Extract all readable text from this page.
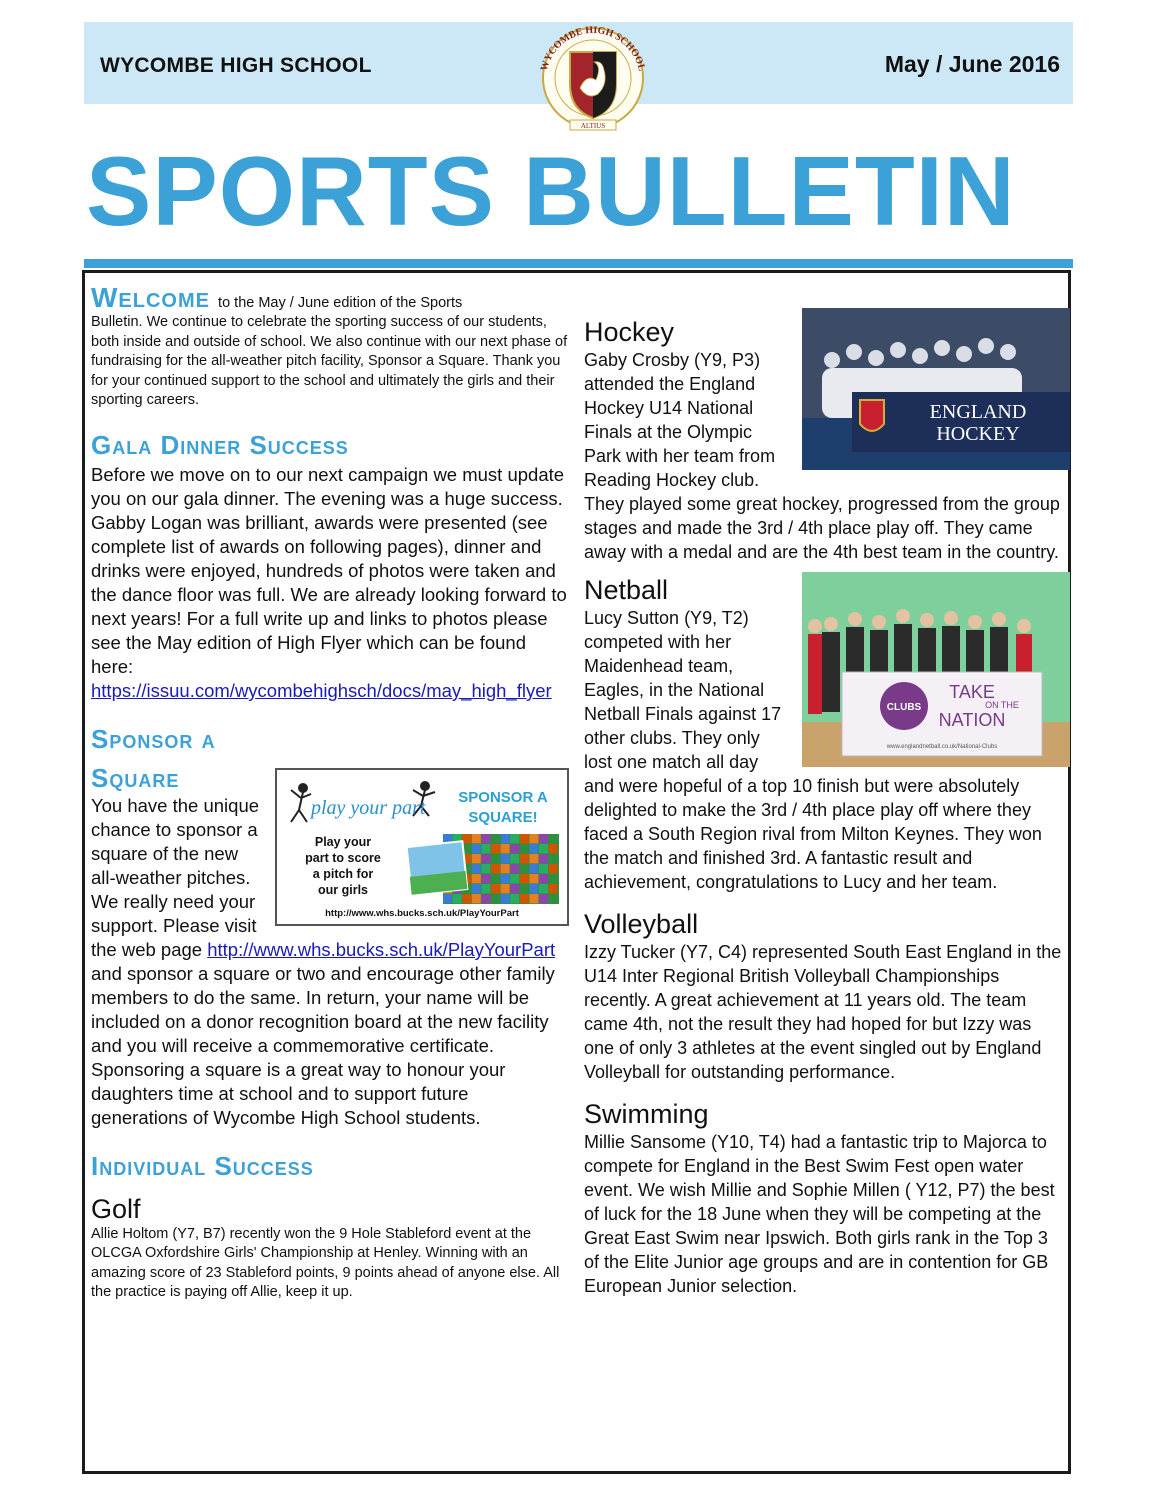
WYCOMBE HIGH SCHOOL	May / June 2016
WYCOMBE HIGH SCHOOL
ALTIUS
SPORTS BULLETIN
Welcome to the May / June edition of the Sports

Bulletin. We continue to celebrate the sporting success of our students, both inside and outside of school. We also continue with our next phase of fundraising for the all-weather pitch facility, Sponsor a Square. Thank you for your continued support to the school and ultimately the girls and their sporting careers.

Gala Dinner Success

Before we move on to our next campaign we must update you on our gala dinner. The evening was a huge success. Gabby Logan was brilliant, awards were presented (see complete list of awards on following pages), dinner and drinks were enjoyed, hundreds of photos were taken and the dance floor was full. We are already looking forward to next years! For a full write up and links to photos please see the May edition of High Flyer which can be found here: https://issuu.com/wycombehighsch/docs/may_high_flyer

Sponsor a
play your part SPONSOR A
SQUARE!
Play your
part to score
a pitch for
our girls
http://www.whs.bucks.sch.uk/PlayYourPart
Square

You have the unique chance to sponsor a square of the new all-weather pitches. We really need your support. Please visit the web page http://www.whs.bucks.sch.uk/PlayYourPart and sponsor a square or two and encourage other family members to do the same. In return, your name will be included on a donor recognition board at the new facility and you will receive a commemorative certificate. Sponsoring a square is a great way to honour your daughters time at school and to support future generations of Wycombe High School students.

Individual Success
Golf

Allie Holtom (Y7, B7) recently won the 9 Hole Stableford event at the OLCGA Oxfordshire Girls' Championship at Henley. Winning with an amazing score of 23 Stableford points, 9 points ahead of anyone else. All the practice is paying off Allie, keep it up.

ENGLAND
HOCKEY
Hockey

Gaby Crosby (Y9, P3) attended the England Hockey U14 National Finals at the Olympic Park with her team from Reading Hockey club. They played some great hockey, progressed from the group stages and made the 3rd / 4th place play off. They came away with a medal and are the 4th best team in the country.

CLUBS
TAKE
ON THE
NATION
www.englandnetball.co.uk/National-Clubs
Netball

Lucy Sutton (Y9, T2) competed with her Maidenhead team, Eagles, in the National Netball Finals against 17 other clubs. They only lost one match all day and were hopeful of a top 10 finish but were absolutely delighted to make the 3rd / 4th place play off where they faced a South Region rival from Milton Keynes. They won the match and finished 3rd. A fantastic result and achievement, congratulations to Lucy and her team.

Volleyball

Izzy Tucker (Y7, C4) represented South East England in the U14 Inter Regional British Volleyball Championships recently. A great achievement at 11 years old. The team came 4th, not the result they had hoped for but Izzy was one of only 3 athletes at the event singled out by England Volleyball for outstanding performance.

Swimming

Millie Sansome (Y10, T4) had a fantastic trip to Majorca to compete for England in the Best Swim Fest open water event. We wish Millie and Sophie Millen ( Y12, P7) the best of luck for the 18 June when they will be competing at the Great East Swim near Ipswich. Both girls rank in the Top 3 of the Elite Junior age groups and are in contention for GB European Junior selection.
